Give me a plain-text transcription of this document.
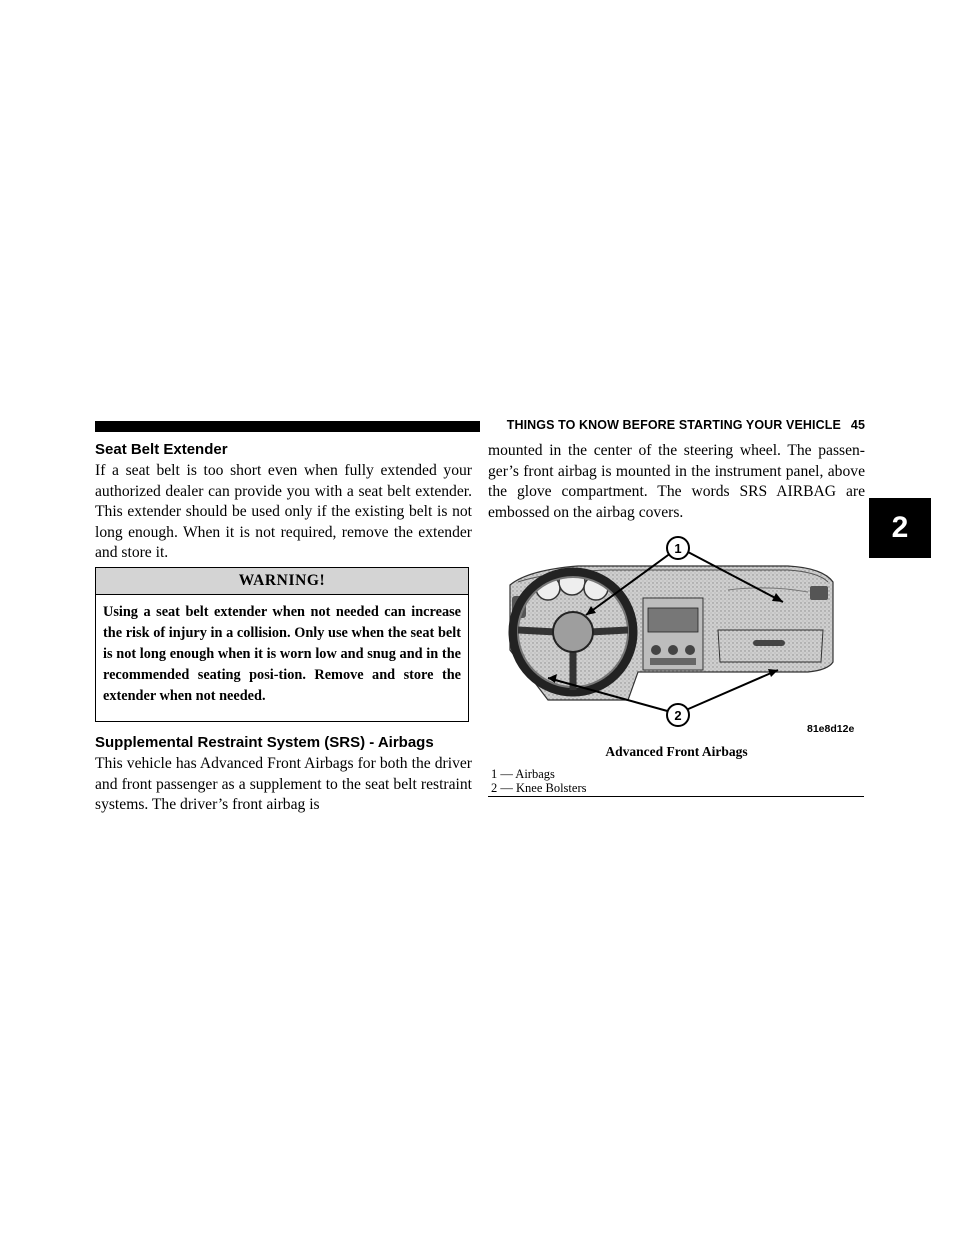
THINGS TO KNOW BEFORE STARTING YOUR VEHICLE 45
2
Seat Belt Extender
If a seat belt is too short even when fully extended your authorized dealer can provide you with a seat belt extender. This extender should be used only if the existing belt is not long enough. When it is not required, remove the extender and store it.
WARNING!
Using a seat belt extender when not needed can increase the risk of injury in a collision. Only use when the seat belt is not long enough when it is worn low and snug and in the recommended seating posi-tion. Remove and store the extender when not needed.
Supplemental Restraint System (SRS) - Airbags
This vehicle has Advanced Front Airbags for both the driver and front passenger as a supplement to the seat belt restraint systems. The driver’s front airbag is
mounted in the center of the steering wheel. The passen-ger’s front airbag is mounted in the instrument panel, above the glove compartment. The words SRS AIRBAG are embossed on the airbag covers.
1
2
81e8d12e
Advanced Front Airbags
1 — Airbags
2 — Knee Bolsters
